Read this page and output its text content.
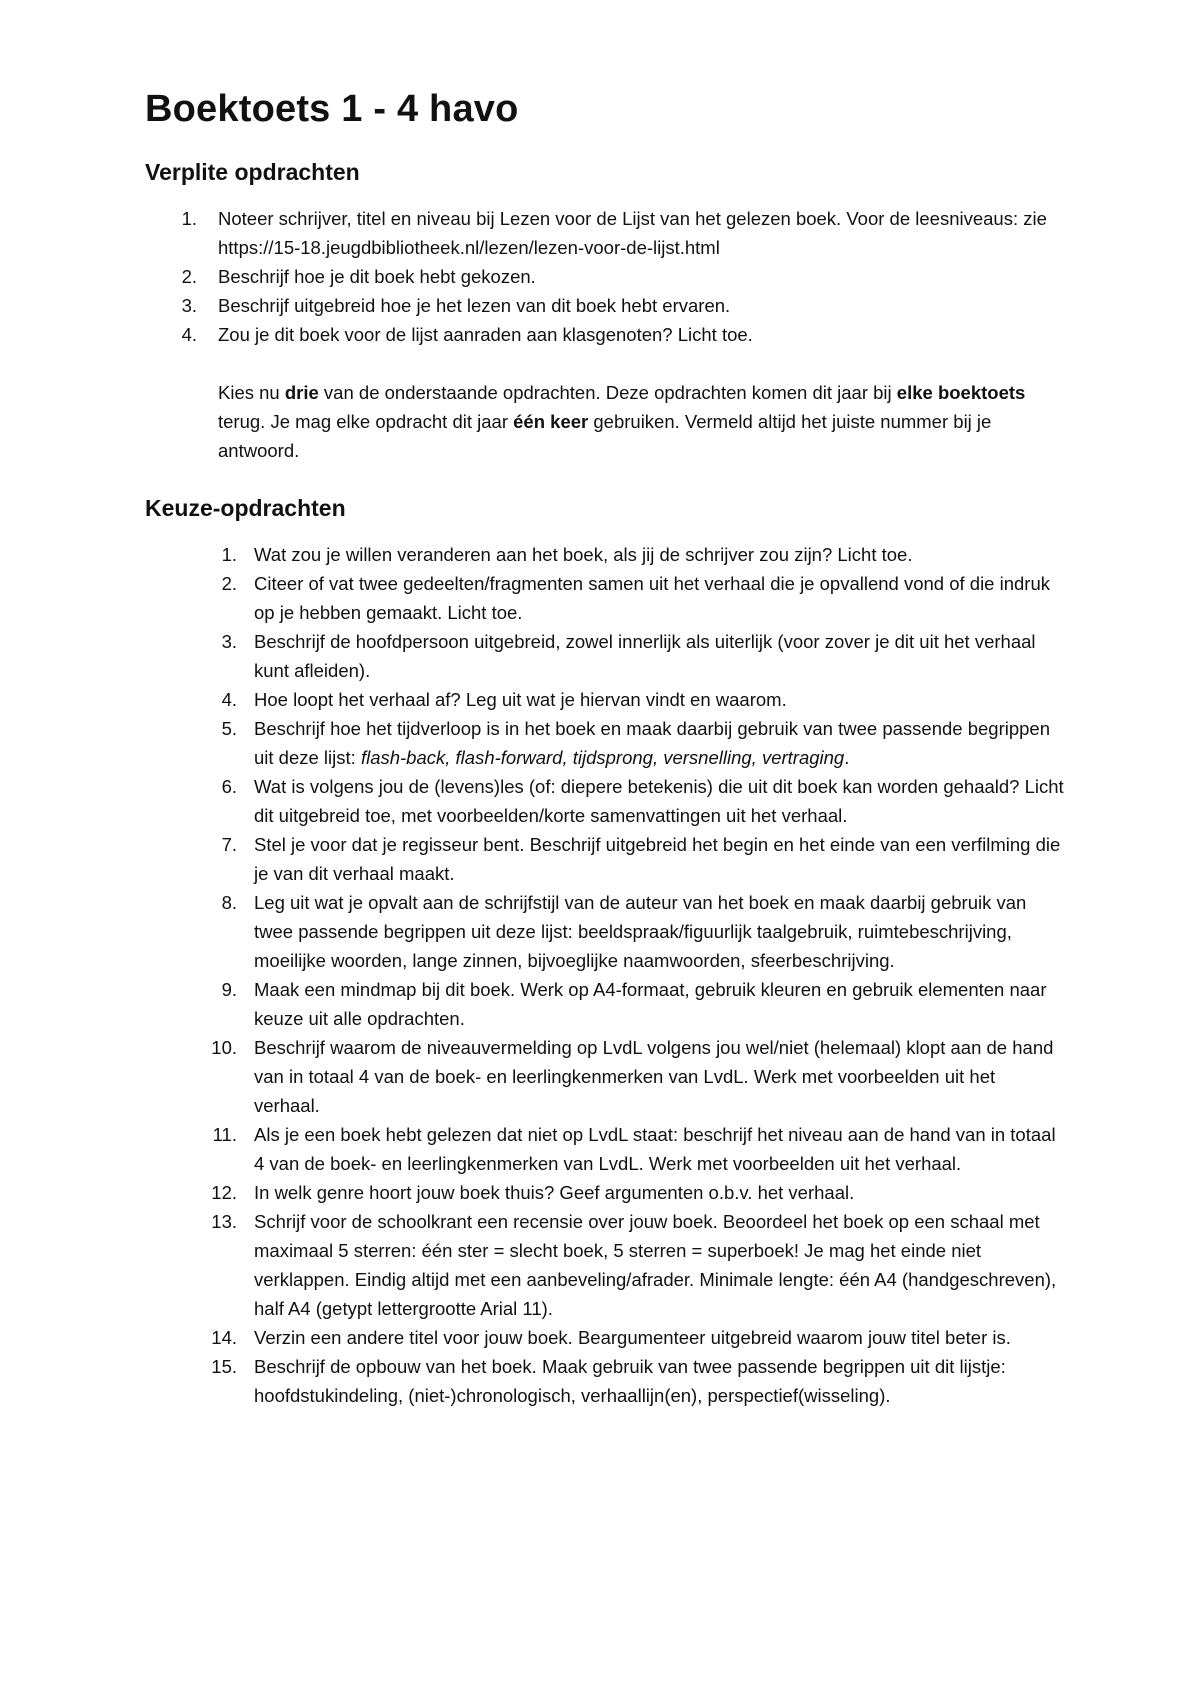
Boektoets 1 - 4 havo
Verplite opdrachten
1. Noteer schrijver, titel en niveau bij Lezen voor de Lijst van het gelezen boek. Voor de leesniveaus: zie https://15-18.jeugdbibliotheek.nl/lezen/lezen-voor-de-lijst.html
2. Beschrijf hoe je dit boek hebt gekozen.
3. Beschrijf uitgebreid hoe je het lezen van dit boek hebt ervaren.
4. Zou je dit boek voor de lijst aanraden aan klasgenoten? Licht toe.

Kies nu drie van de onderstaande opdrachten. Deze opdrachten komen dit jaar bij elke boektoets terug. Je mag elke opdracht dit jaar één keer gebruiken. Vermeld altijd het juiste nummer bij je antwoord.

Keuze-opdrachten
1. Wat zou je willen veranderen aan het boek, als jij de schrijver zou zijn? Licht toe.
2. Citeer of vat twee gedeelten/fragmenten samen uit het verhaal die je opvallend vond of die indruk op je hebben gemaakt. Licht toe.
3. Beschrijf de hoofdpersoon uitgebreid, zowel innerlijk als uiterlijk (voor zover je dit uit het verhaal kunt afleiden).
4. Hoe loopt het verhaal af? Leg uit wat je hiervan vindt en waarom.
5. Beschrijf hoe het tijdverloop is in het boek en maak daarbij gebruik van twee passende begrippen uit deze lijst: flash-back, flash-forward, tijdsprong, versnelling, vertraging.
6. Wat is volgens jou de (levens)les (of: diepere betekenis) die uit dit boek kan worden gehaald? Licht dit uitgebreid toe, met voorbeelden/korte samenvattingen uit het verhaal.
7. Stel je voor dat je regisseur bent. Beschrijf uitgebreid het begin en het einde van een verfilming die je van dit verhaal maakt.
8. Leg uit wat je opvalt aan de schrijfstijl van de auteur van het boek en maak daarbij gebruik van twee passende begrippen uit deze lijst: beeldspraak/figuurlijk taalgebruik, ruimtebeschrijving, moeilijke woorden, lange zinnen, bijvoeglijke naamwoorden, sfeerbeschrijving.
9. Maak een mindmap bij dit boek. Werk op A4-formaat, gebruik kleuren en gebruik elementen naar keuze uit alle opdrachten.
10. Beschrijf waarom de niveauvermelding op LvdL volgens jou wel/niet (helemaal) klopt aan de hand van in totaal 4 van de boek- en leerlingkenmerken van LvdL. Werk met voorbeelden uit het verhaal.
11. Als je een boek hebt gelezen dat niet op LvdL staat: beschrijf het niveau aan de hand van in totaal 4 van de boek- en leerlingkenmerken van LvdL. Werk met voorbeelden uit het verhaal.
12. In welk genre hoort jouw boek thuis? Geef argumenten o.b.v. het verhaal.
13. Schrijf voor de schoolkrant een recensie over jouw boek. Beoordeel het boek op een schaal met maximaal 5 sterren: één ster = slecht boek, 5 sterren = superboek! Je mag het einde niet verklappen. Eindig altijd met een aanbeveling/afrader. Minimale lengte: één A4 (handgeschreven), half A4 (getypt lettergrootte Arial 11).
14. Verzin een andere titel voor jouw boek. Beargumenteer uitgebreid waarom jouw titel beter is.
15. Beschrijf de opbouw van het boek. Maak gebruik van twee passende begrippen uit dit lijstje: hoofdstukindeling, (niet-)chronologisch, verhaallijn(en), perspectief(wisseling).
